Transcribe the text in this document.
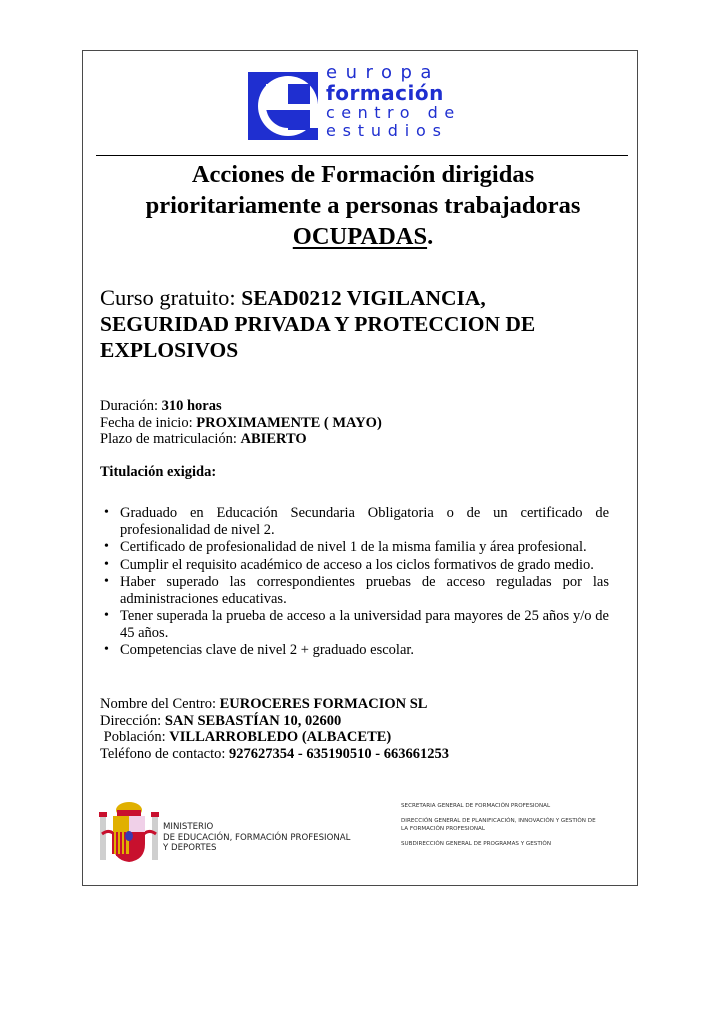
europa
formación
centro de
estudios
Acciones de Formación dirigidas
prioritariamente a personas trabajadoras
OCUPADAS.
Curso gratuito: SEAD0212 VIGILANCIA,
SEGURIDAD PRIVADA Y PROTECCION DE
EXPLOSIVOS
Duración: 310 horas
Fecha de inicio: PROXIMAMENTE ( MAYO)
Plazo de matriculación: ABIERTO
Titulación exigida:
• Graduado en Educación Secundaria Obligatoria o de un certificado de profesionalidad de nivel 2.
• Certificado de profesionalidad de nivel 1 de la misma familia y área profesional.
• Cumplir el requisito académico de acceso a los ciclos formativos de grado medio.
• Haber superado las correspondientes pruebas de acceso reguladas por las administraciones educativas.
• Tener superada la prueba de acceso a la universidad para mayores de 25 años y/o de 45 años.
• Competencias clave de nivel 2 + graduado escolar.
Nombre del Centro: EUROCERES FORMACION SL
Dirección: SAN SEBASTÍAN 10, 02600
Población: VILLARROBLEDO (ALBACETE)
Teléfono de contacto: 927627354 - 635190510 - 663661253
MINISTERIO
DE EDUCACIÓN, FORMACIÓN PROFESIONAL
Y DEPORTES
SECRETARIA GENERAL DE FORMACIÓN PROFESIONAL
DIRECCIÓN GENERAL DE PLANIFICACIÓN, INNOVACIÓN Y GESTIÓN DE
LA FORMACIÓN PROFESIONAL
SUBDIRECCIÓN GENERAL DE PROGRAMAS Y GESTIÓN
